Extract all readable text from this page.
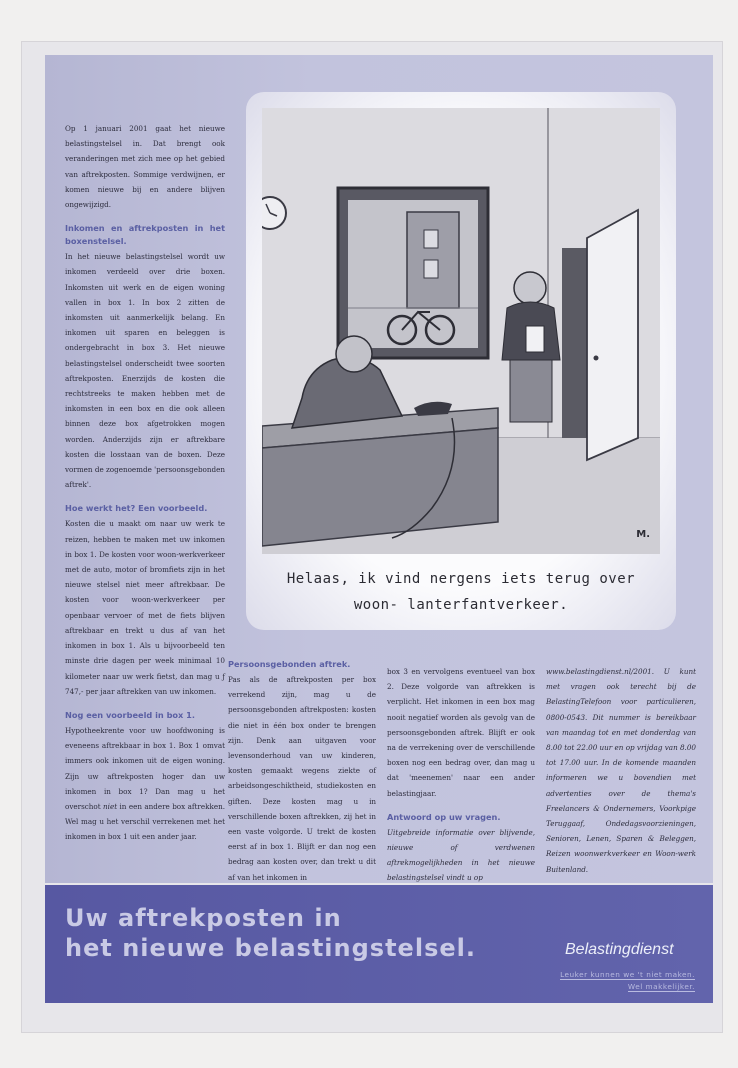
Op 1 januari 2001 gaat het nieuwe belastingstelsel in. Dat brengt ook veranderingen met zich mee op het gebied van aftrekposten. Sommige verdwijnen, er komen nieuwe bij en andere blijven ongewijzigd.

Inkomen en aftrekposten in het boxenstelsel.

In het nieuwe belastingstelsel wordt uw inkomen verdeeld over drie boxen. Inkomsten uit werk en de eigen woning vallen in box 1. In box 2 zitten de inkomsten uit aanmerkelijk belang. En inkomen uit sparen en beleggen is ondergebracht in box 3. Het nieuwe belastingstelsel onderscheidt twee soorten aftrekposten. Enerzijds de kosten die rechtstreeks te maken hebben met de inkomsten in een box en die ook alleen binnen deze box afgetrokken mogen worden. Anderzijds zijn er aftrekbare kosten die losstaan van de boxen. Deze vormen de zogenoemde 'persoonsgebonden aftrek'.

Hoe werkt het? Een voorbeeld.

Kosten die u maakt om naar uw werk te reizen, hebben te maken met uw inkomen in box 1. De kosten voor woon-werkverkeer met de auto, motor of bromfiets zijn in het nieuwe stelsel niet meer aftrekbaar. De kosten voor woon-werkverkeer per openbaar vervoer of met de fiets blijven aftrekbaar en trekt u dus af van het inkomen in box 1. Als u bijvoorbeeld ten minste drie dagen per week minimaal 10 kilometer naar uw werk fietst, dan mag u ƒ 747,- per jaar aftrekken van uw inkomen.

Nog een voorbeeld in box 1.

Hypotheekrente voor uw hoofdwoning is eveneens aftrekbaar in box 1. Box 1 omvat immers ook inkomen uit de eigen woning. Zijn uw aftrekposten hoger dan uw inkomen in box 1? Dan mag u het overschot niet in een andere box aftrekken. Wel mag u het verschil verrekenen met het inkomen in box 1 uit een ander jaar.

M.
Helaas, ik vind nergens iets terug over
woon- lanterfantverkeer.
Persoonsgebonden aftrek.

Pas als de aftrekposten per box verrekend zijn, mag u de persoonsgebonden aftrekposten: kosten die niet in één box onder te brengen zijn. Denk aan uitgaven voor levensonderhoud van uw kinderen, kosten gemaakt wegens ziekte of arbeidsongeschiktheid, studiekosten en giften. Deze kosten mag u in verschillende boxen aftrekken, zij het in een vaste volgorde. U trekt de kosten eerst af in box 1. Blijft er dan nog een bedrag aan kosten over, dan trekt u dit af van het inkomen in

box 3 en vervolgens eventueel van box 2. Deze volgorde van aftrekken is verplicht. Het inkomen in een box mag nooit negatief worden als gevolg van de persoonsgebonden aftrek. Blijft er ook na de verrekening over de verschillende boxen nog een bedrag over, dan mag u dat 'meenemen' naar een ander belastingjaar.

Antwoord op uw vragen.

Uitgebreide informatie over blijvende, nieuwe of verdwenen aftrekmogelijkheden in het nieuwe belastingstelsel vindt u op

www.belastingdienst.nl/2001. U kunt met vragen ook terecht bij de BelastingTelefoon voor particulieren, 0800-0543. Dit nummer is bereikbaar van maandag tot en met donderdag van 8.00 tot 22.00 uur en op vrijdag van 8.00 tot 17.00 uur. In de komende maanden informeren we u bovendien met advertenties over de thema's Freelancers & Ondernemers, Voorkpige Teruggaaf, Ondedagsvoorzieningen, Senioren, Lenen, Sparen & Beleggen, Reizen woonwerkverkeer en Woon-werk Buitenland.

Uw aftrekposten in
het nieuwe belastingstelsel.	Belastingdienst
Leuker kunnen we 't niet maken.
Wel makkelijker.
